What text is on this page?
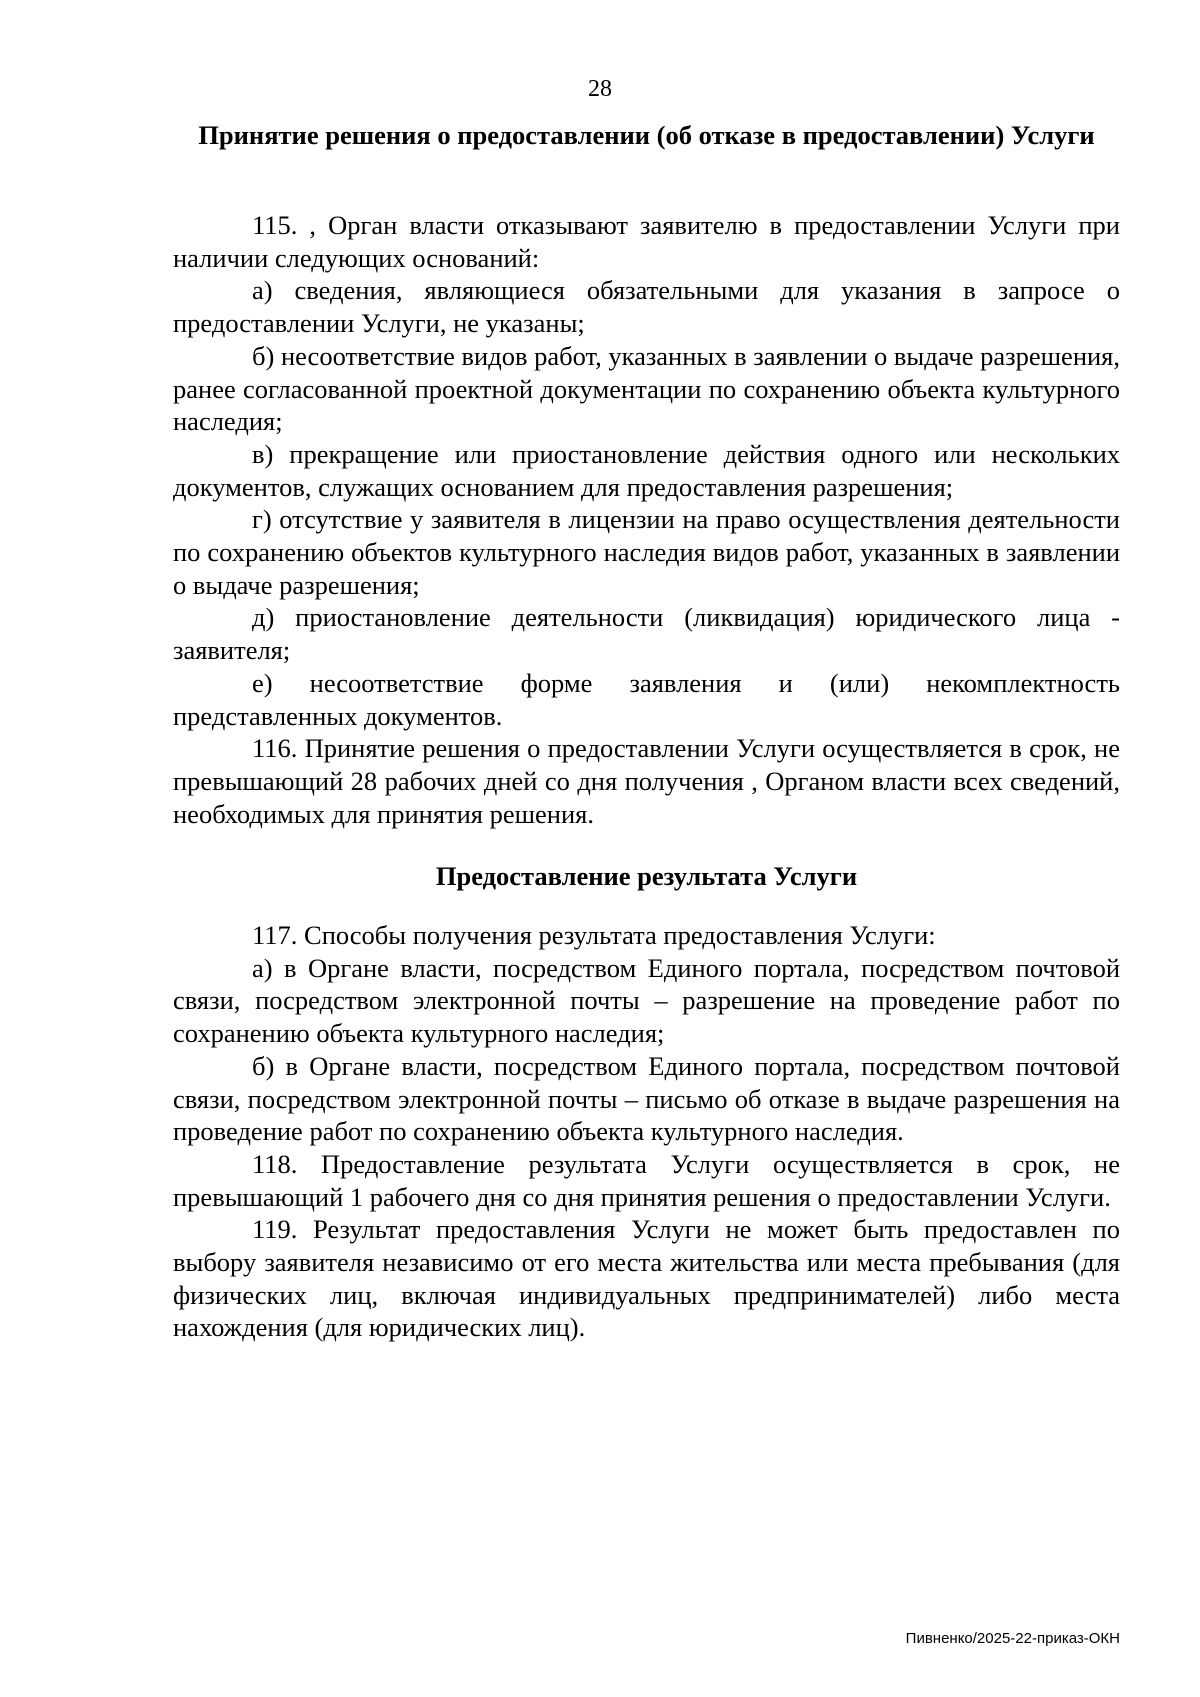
28
Принятие решения о предоставлении (об отказе в предоставлении) Услуги

115. , Орган власти отказывают заявителю в предоставлении Услуги при наличии следующих оснований:

а) сведения, являющиеся обязательными для указания в запросе о предоставлении Услуги, не указаны;

б) несоответствие видов работ, указанных в заявлении о выдаче разрешения, ранее согласованной проектной документации по сохранению объекта культурного наследия;

в) прекращение или приостановление действия одного или нескольких документов, служащих основанием для предоставления разрешения;

г) отсутствие у заявителя в лицензии на право осуществления деятельности по сохранению объектов культурного наследия видов работ, указанных в заявлении о выдаче разрешения;

д) приостановление деятельности (ликвидация) юридического лица - заявителя;

е) несоответствие форме заявления и (или) некомплектность представленных документов.

116. Принятие решения о предоставлении Услуги осуществляется в срок, не превышающий 28 рабочих дней со дня получения , Органом власти всех сведений, необходимых для принятия решения.

Предоставление результата Услуги

117. Способы получения результата предоставления Услуги:

а) в Органе власти, посредством Единого портала, посредством почтовой связи, посредством электронной почты – разрешение на проведение работ по сохранению объекта культурного наследия;

б) в Органе власти, посредством Единого портала, посредством почтовой связи, посредством электронной почты – письмо об отказе в выдаче разрешения на проведение работ по сохранению объекта культурного наследия.

118. Предоставление результата Услуги осуществляется в срок, не превышающий 1 рабочего дня со дня принятия решения о предоставлении Услуги.

119. Результат предоставления Услуги не может быть предоставлен по выбору заявителя независимо от его места жительства или места пребывания (для физических лиц, включая индивидуальных предпринимателей) либо места нахождения (для юридических лиц).

Пивненко/2025-22-приказ-ОКН
